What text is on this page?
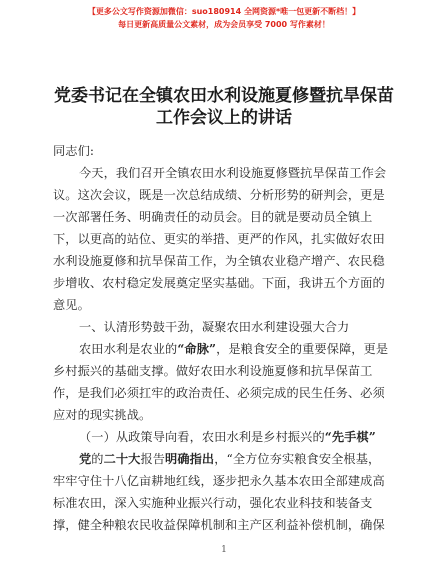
【更多公文写作资源加微信：suo180914 全网资源*唯一包更新不断档！】
每日更新高质量公文素材，成为会员享受 7000 写作素材！
党委书记在全镇农田水利设施夏修暨抗旱保苗
工作会议上的讲话
同志们:
今天，我们召开全镇农田水利设施夏修暨抗旱保苗工作会
议。这次会议，既是一次总结成绩、分析形势的研判会，更是
一次部署任务、明确责任的动员会。目的就是要动员全镇上
下，以更高的站位、更实的举措、更严的作风，扎实做好农田
水利设施夏修和抗旱保苗工作，为全镇农业稳产增产、农民稳
步增收、农村稳定发展奠定坚实基础。下面，我讲五个方面的
意见。
一、认清形势鼓干劲，凝聚农田水利建设强大合力
农田水利是农业的“命脉”，是粮食安全的重要保障，更是
乡村振兴的基础支撑。做好农田水利设施夏修和抗旱保苗工
作，是我们必须扛牢的政治责任、必须完成的民生任务、必须
应对的现实挑战。
（一）从政策导向看，农田水利是乡村振兴的“先手棋”
党的二十大报告明确指出，“全方位夯实粮食安全根基，
牢牢守住十八亿亩耕地红线，逐步把永久基本农田全部建成高
标准农田，深入实施种业振兴行动，强化农业科技和装备支
撑，健全种粮农民收益保障机制和主产区利益补偿机制，确保
1
